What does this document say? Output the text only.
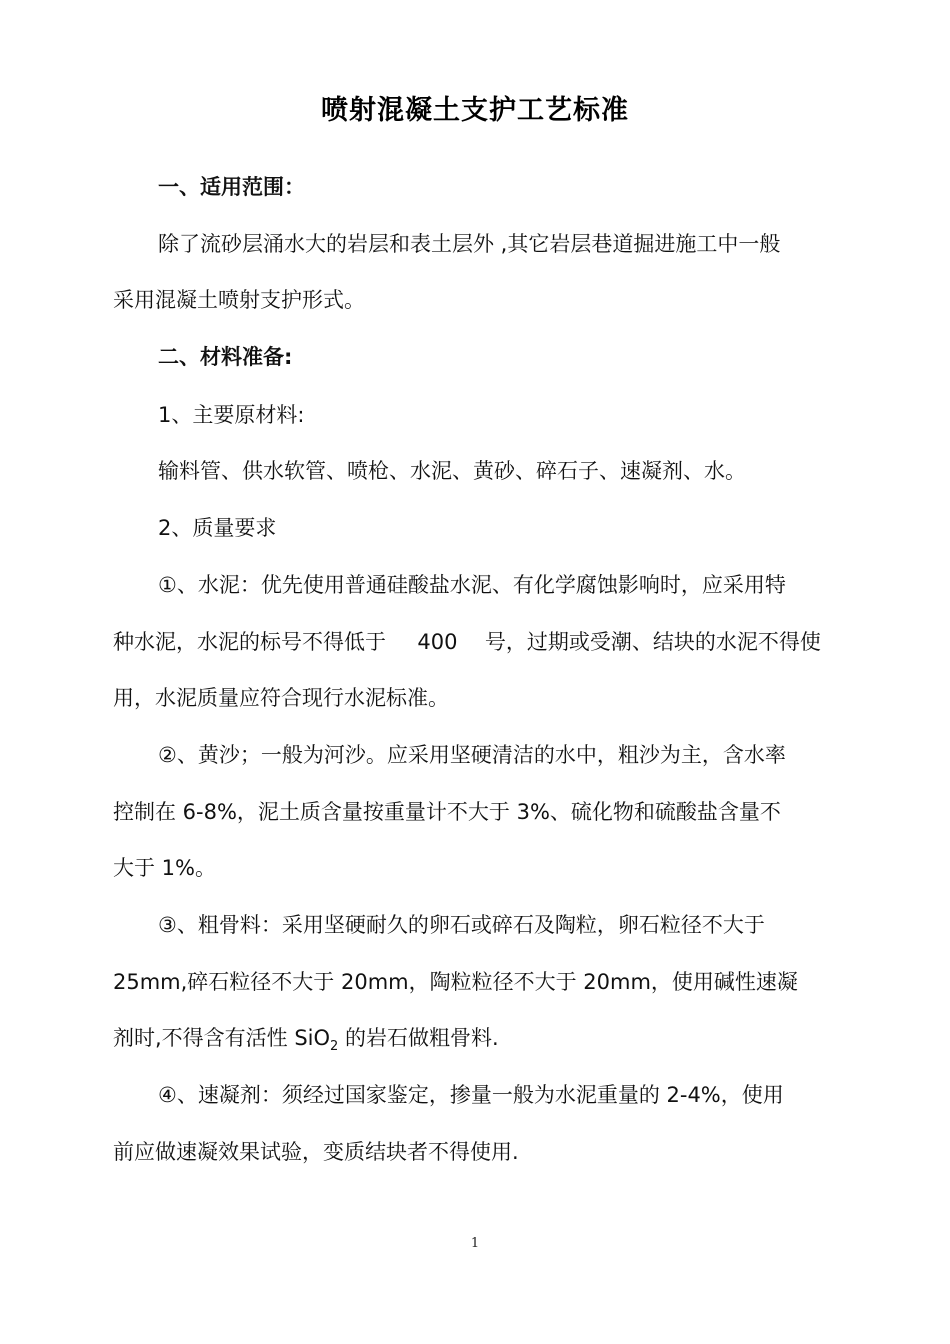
喷射混凝土支护工艺标准
一、适用范围：
除了流砂层涌水大的岩层和表土层外 ,其它岩层巷道掘进施工中一般
采用混凝土喷射支护形式。
二、材料准备:
1、主要原材料:
输料管、供水软管、喷枪、水泥、黄砂、碎石子、速凝剂、水。
2、质量要求
①、水泥：优先使用普通硅酸盐水泥、有化学腐蚀影响时，应采用特
种水泥，水泥的标号不得低于 400 号，过期或受潮、结块的水泥不得使
用，水泥质量应符合现行水泥标准。
②、黄沙；一般为河沙。应采用坚硬清洁的水中，粗沙为主，含水率
控制在 6-8%，泥土质含量按重量计不大于 3%、硫化物和硫酸盐含量不
大于 1%。
③、粗骨料：采用坚硬耐久的卵石或碎石及陶粒，卵石粒径不大于
25mm,碎石粒径不大于 20mm，陶粒粒径不大于 20mm，使用碱性速凝
剂时,不得含有活性 SiO$_2$ 的岩石做粗骨料.
④、速凝剂：须经过国家鉴定，掺量一般为水泥重量的 2-4%，使用
前应做速凝效果试验，变质结块者不得使用.
1
